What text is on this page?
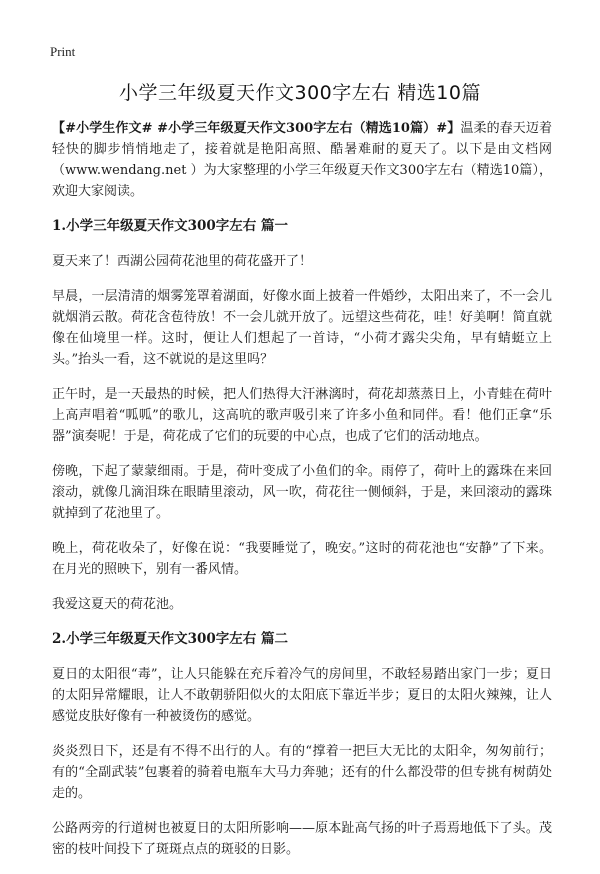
Print
小学三年级夏天作文300字左右 精选10篇

【#小学生作文# #小学三年级夏天作文300字左右（精选10篇）#】温柔的春天迈着轻快的脚步悄悄地走了，接着就是艳阳高照、酷暑难耐的夏天了。以下是由文档网（www.wendang.net ）为大家整理的小学三年级夏天作文300字左右（精选10篇），欢迎大家阅读。

1.小学三年级夏天作文300字左右 篇一

夏天来了！西湖公园荷花池里的荷花盛开了！

早晨，一层清清的烟雾笼罩着湖面，好像水面上披着一件婚纱，太阳出来了，不一会儿就烟消云散。荷花含苞待放！不一会儿就开放了。远望这些荷花，哇！好美啊！简直就像在仙境里一样。这时，便让人们想起了一首诗，“小荷才露尖尖角，早有蜻蜓立上头。”抬头一看，这不就说的是这里吗？

正午时，是一天最热的时候，把人们热得大汗淋漓时，荷花却蒸蒸日上，小青蛙在荷叶上高声唱着“呱呱”的歌儿，这高吭的歌声吸引来了许多小鱼和同伴。看！他们正拿“乐器”演奏呢！于是，荷花成了它们的玩要的中心点，也成了它们的活动地点。

傍晚，下起了蒙蒙细雨。于是，荷叶变成了小鱼们的伞。雨停了，荷叶上的露珠在来回滚动，就像几滴泪珠在眼睛里滚动，风一吹，荷花往一侧倾斜，于是，来回滚动的露珠就掉到了花池里了。

晚上，荷花收朵了，好像在说：“我要睡觉了，晚安。”这时的荷花池也“安静”了下来。在月光的照映下，别有一番风情。

我爱这夏天的荷花池。

2.小学三年级夏天作文300字左右 篇二

夏日的太阳很“毒”，让人只能躲在充斥着冷气的房间里，不敢轻易踏出家门一步；夏日的太阳异常耀眼，让人不敢朝骄阳似火的太阳底下靠近半步；夏日的太阳火辣辣，让人感觉皮肤好像有一种被烫伤的感觉。

炎炎烈日下，还是有不得不出行的人。有的“撑着一把巨大无比的太阳伞，匆匆前行；有的“全副武装”包裹着的骑着电瓶车大马力奔驰；还有的什么都没带的但专挑有树荫处走的。

公路两旁的行道树也被夏日的太阳所影响——原本趾高气扬的叶子焉焉地低下了头。茂密的枝叶间投下了斑斑点点的斑驳的日影。
